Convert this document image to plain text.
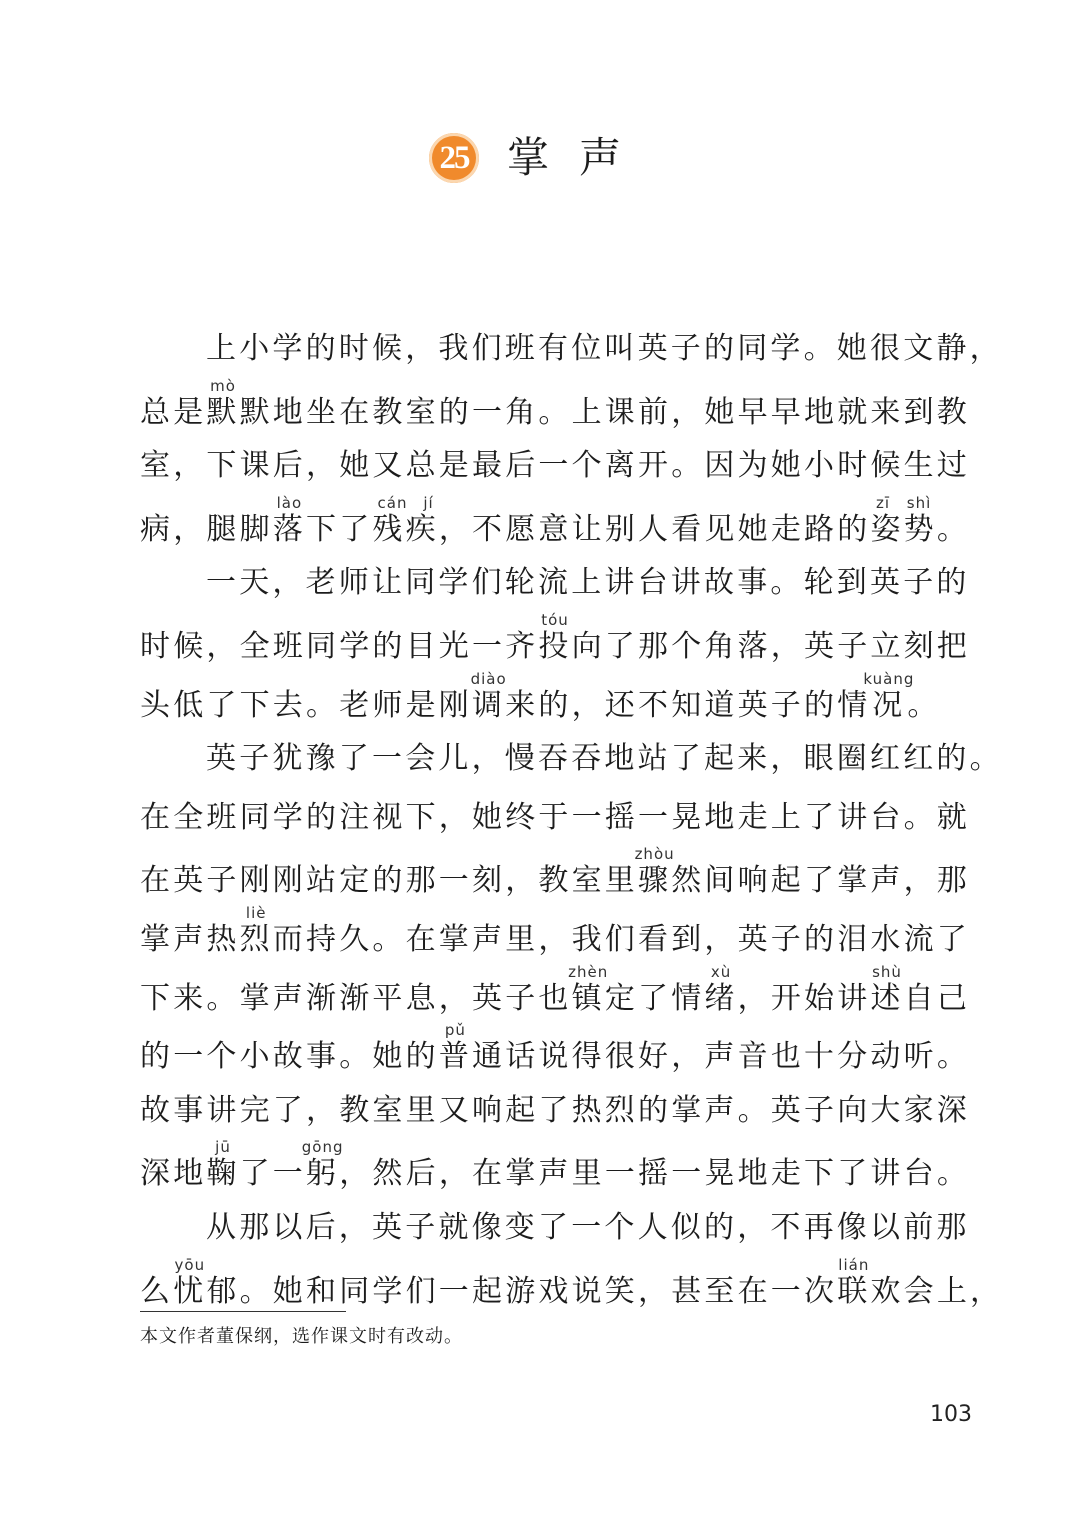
25 掌声
上小学的时候，我们班有位叫英子的同学。她很文静，
总是默mò默地坐在教室的一角。上课前，她早早地就来到教
室，下课后，她又总是最后一个离开。因为她小时候生过
病，腿脚落lào下了残疾cán jí，不愿意让别人看见她走路的姿势zī shì。
一天，老师让同学们轮流上讲台讲故事。轮到英子的
时候，全班同学的目光一齐投tóu向了那个角落，英子立刻把
头低了下去。老师是刚调diào来的，还不知道英子的情况kuàng。
英子犹豫了一会儿，慢吞吞地站了起来，眼圈红红的。
在全班同学的注视下，她终于一摇一晃地走上了讲台。就
在英子刚刚站定的那一刻，教室里骤zhòu然间响起了掌声，那
掌声热烈liè而持久。在掌声里，我们看到，英子的泪水流了
下来。掌声渐渐平息，英子也镇zhèn定了情绪xù，开始讲述shù自己
的一个小故事。她的普pǔ通话说得很好，声音也十分动听。
故事讲完了，教室里又响起了热烈的掌声。英子向大家深
深地鞠jū了一躬gōng，然后，在掌声里一摇一晃地走下了讲台。
从那以后，英子就像变了一个人似的，不再像以前那
么忧yōu郁。她和同学们一起游戏说笑，甚至在一次联lián欢会上，
本文作者董保纲，选作课文时有改动。
103
